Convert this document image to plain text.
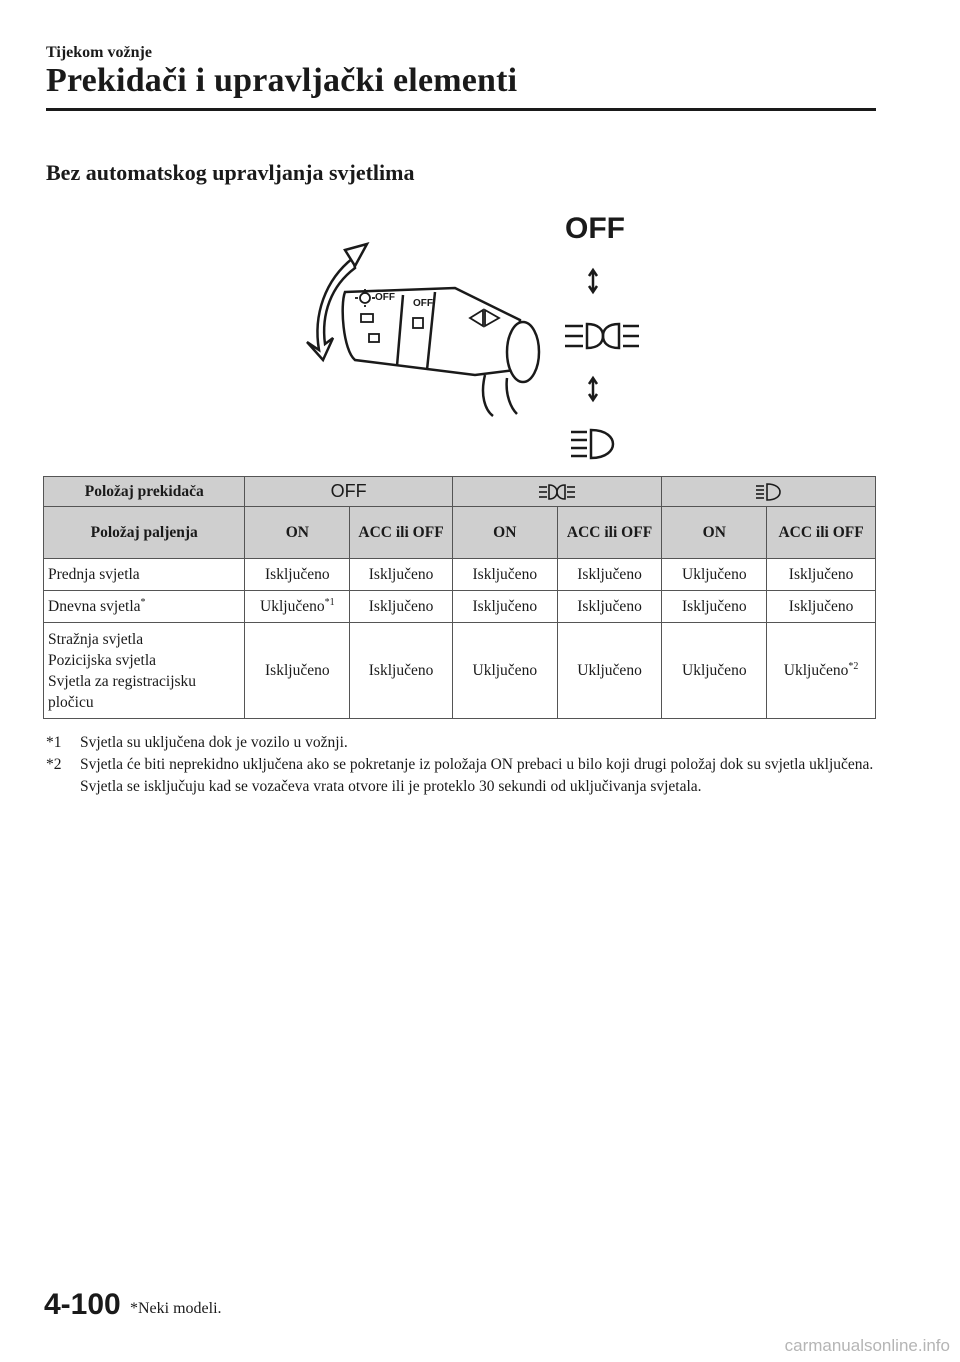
Tijekom vožnje
Prekidači i upravljački elementi
Bez automatskog upravljanja svjetlima
OFF
OFF
OFF
Položaj prekidača	OFF		
Položaj paljenja	ON	ACC ili OFF	ON	ACC ili OFF	ON	ACC ili OFF
Prednja svjetla	Isključeno	Isključeno	Isključeno	Isključeno	Uključeno	Isključeno
Dnevna svjetla*	Uključeno$^{*1}$	Isključeno	Isključeno	Isključeno	Isključeno	Isključeno

Stražnja svjetla
Pozicijska svjetla
Svjetla za registracijsku pločicu	Isključeno	Isključeno	Uključeno	Uključeno	Uključeno	Uključeno$^{*2}$
*1 Svjetla su uključena dok je vozilo u vožnji.
*2 Svjetla će biti neprekidno uključena ako se pokretanje iz položaja ON prebaci u bilo koji drugi položaj dok su svjetla uključena. Svjetla se isključuju kad se vozačeva vrata otvore ili je proteklo 30 sekundi od uključivanja svjetala.
4-100 *Neki modeli.
carmanualsonline.info
